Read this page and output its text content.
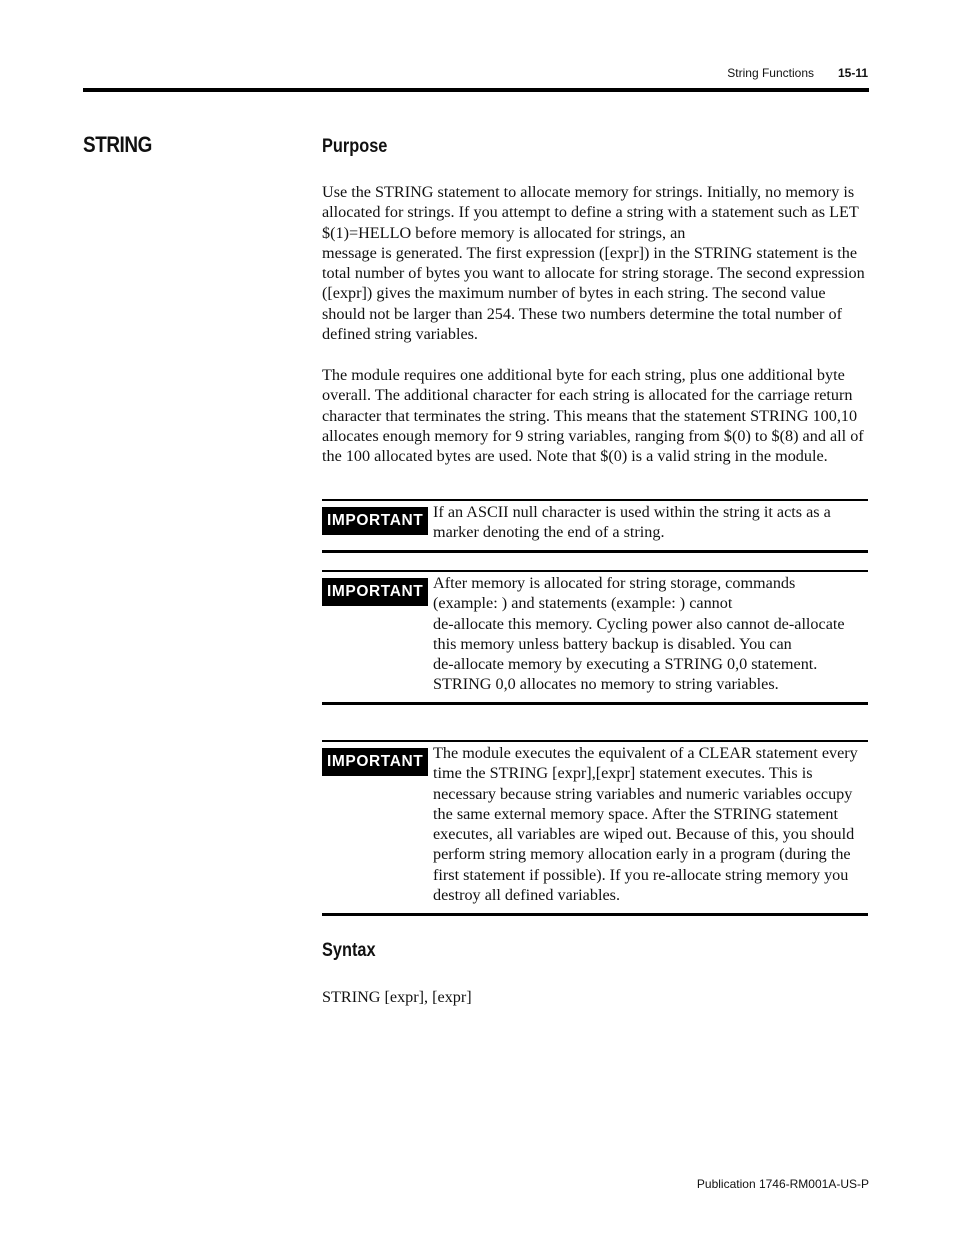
String Functions 15-11
STRING	Purpose

Use the STRING statement to allocate memory for strings. Initially, no memory is allocated for strings. If you attempt to define a string with a statement such as LET $(1)=HELLO before memory is allocated for strings, an
message is generated. The first expression ([expr]) in the STRING statement is the total number of bytes you want to allocate for string storage. The second expression ([expr]) gives the maximum number of bytes in each string. The second value should not be larger than 254. These two numbers determine the total number of defined string variables.

The module requires one additional byte for each string, plus one additional byte overall. The additional character for each string is allocated for the carriage return character that terminates the string. This means that the statement STRING 100,10 allocates enough memory for 9 string variables, ranging from $(0) to $(8) and all of the 100 allocated bytes are used. Note that $(0) is a valid string in the module.

IMPORTANT If an ASCII null character is used within the string it acts as a marker denoting the end of a string.

IMPORTANT After memory is allocated for string storage, commands
(example: ) and statements (example: ) cannot
de-allocate this memory. Cycling power also cannot de-allocate
this memory unless battery backup is disabled. You can
de-allocate memory by executing a STRING 0,0 statement.
STRING 0,0 allocates no memory to string variables.

IMPORTANT The module executes the equivalent of a CLEAR statement every time the STRING [expr],[expr] statement executes. This is necessary because string variables and numeric variables occupy the same external memory space. After the STRING statement executes, all variables are wiped out. Because of this, you should perform string memory allocation early in a program (during the first statement if possible). If you re-allocate string memory you destroy all defined variables.

Syntax

STRING [expr], [expr]

Publication 1746-RM001A-US-P
